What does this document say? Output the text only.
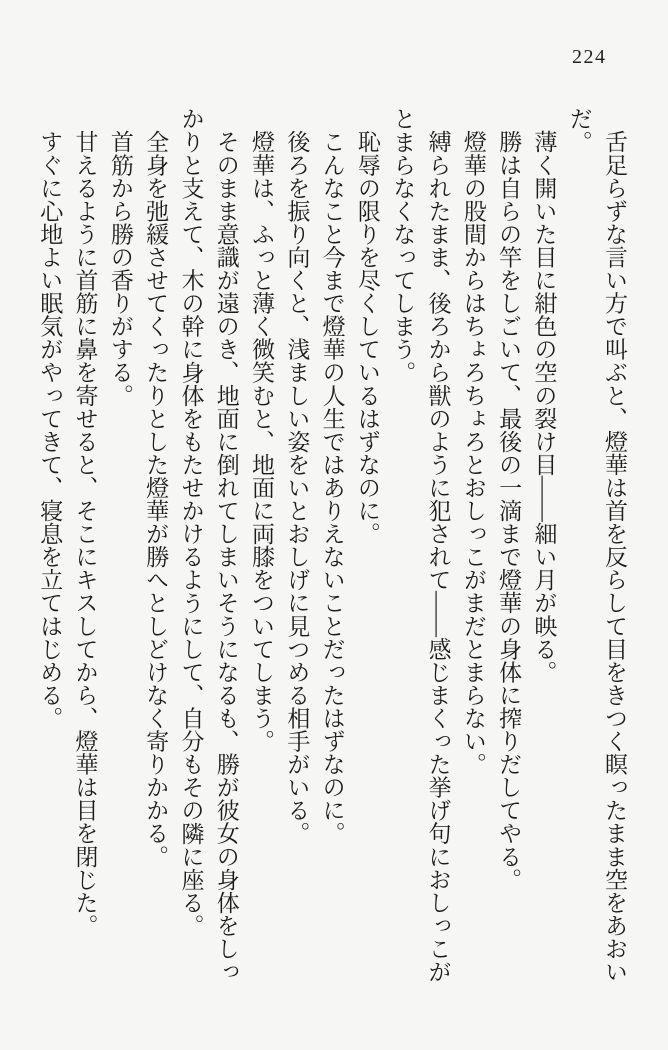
224

舌足らずな言い方で叫ぶと、燈華は首を反らして目をきつく瞑ったまま空をあおいだ。

薄く開いた目に紺色の空の裂け目――細い月が映る。

勝は自らの竿をしごいて、最後の一滴まで燈華の身体に搾りだしてやる。

燈華の股間からはちょろちょろとおしっこがまだとまらない。

縛られたまま、後ろから獣のように犯されて――感じまくった挙げ句におしっこがとまらなくなってしまう。

恥辱の限りを尽くしているはずなのに。

こんなこと今まで燈華の人生ではありえないことだったはずなのに。

後ろを振り向くと、浅ましい姿をいとおしげに見つめる相手がいる。

燈華は、ふっと薄く微笑むと、地面に両膝をついてしまう。

そのまま意識が遠のき、地面に倒れてしまいそうになるも、勝が彼女の身体をしっかりと支えて、木の幹に身体をもたせかけるようにして、自分もその隣に座る。

全身を弛緩させてくったりとした燈華が勝へとしどけなく寄りかかる。

首筋から勝の香りがする。

甘えるように首筋に鼻を寄せると、そこにキスしてから、燈華は目を閉じた。

すぐに心地よい眠気がやってきて、寝息を立てはじめる。
